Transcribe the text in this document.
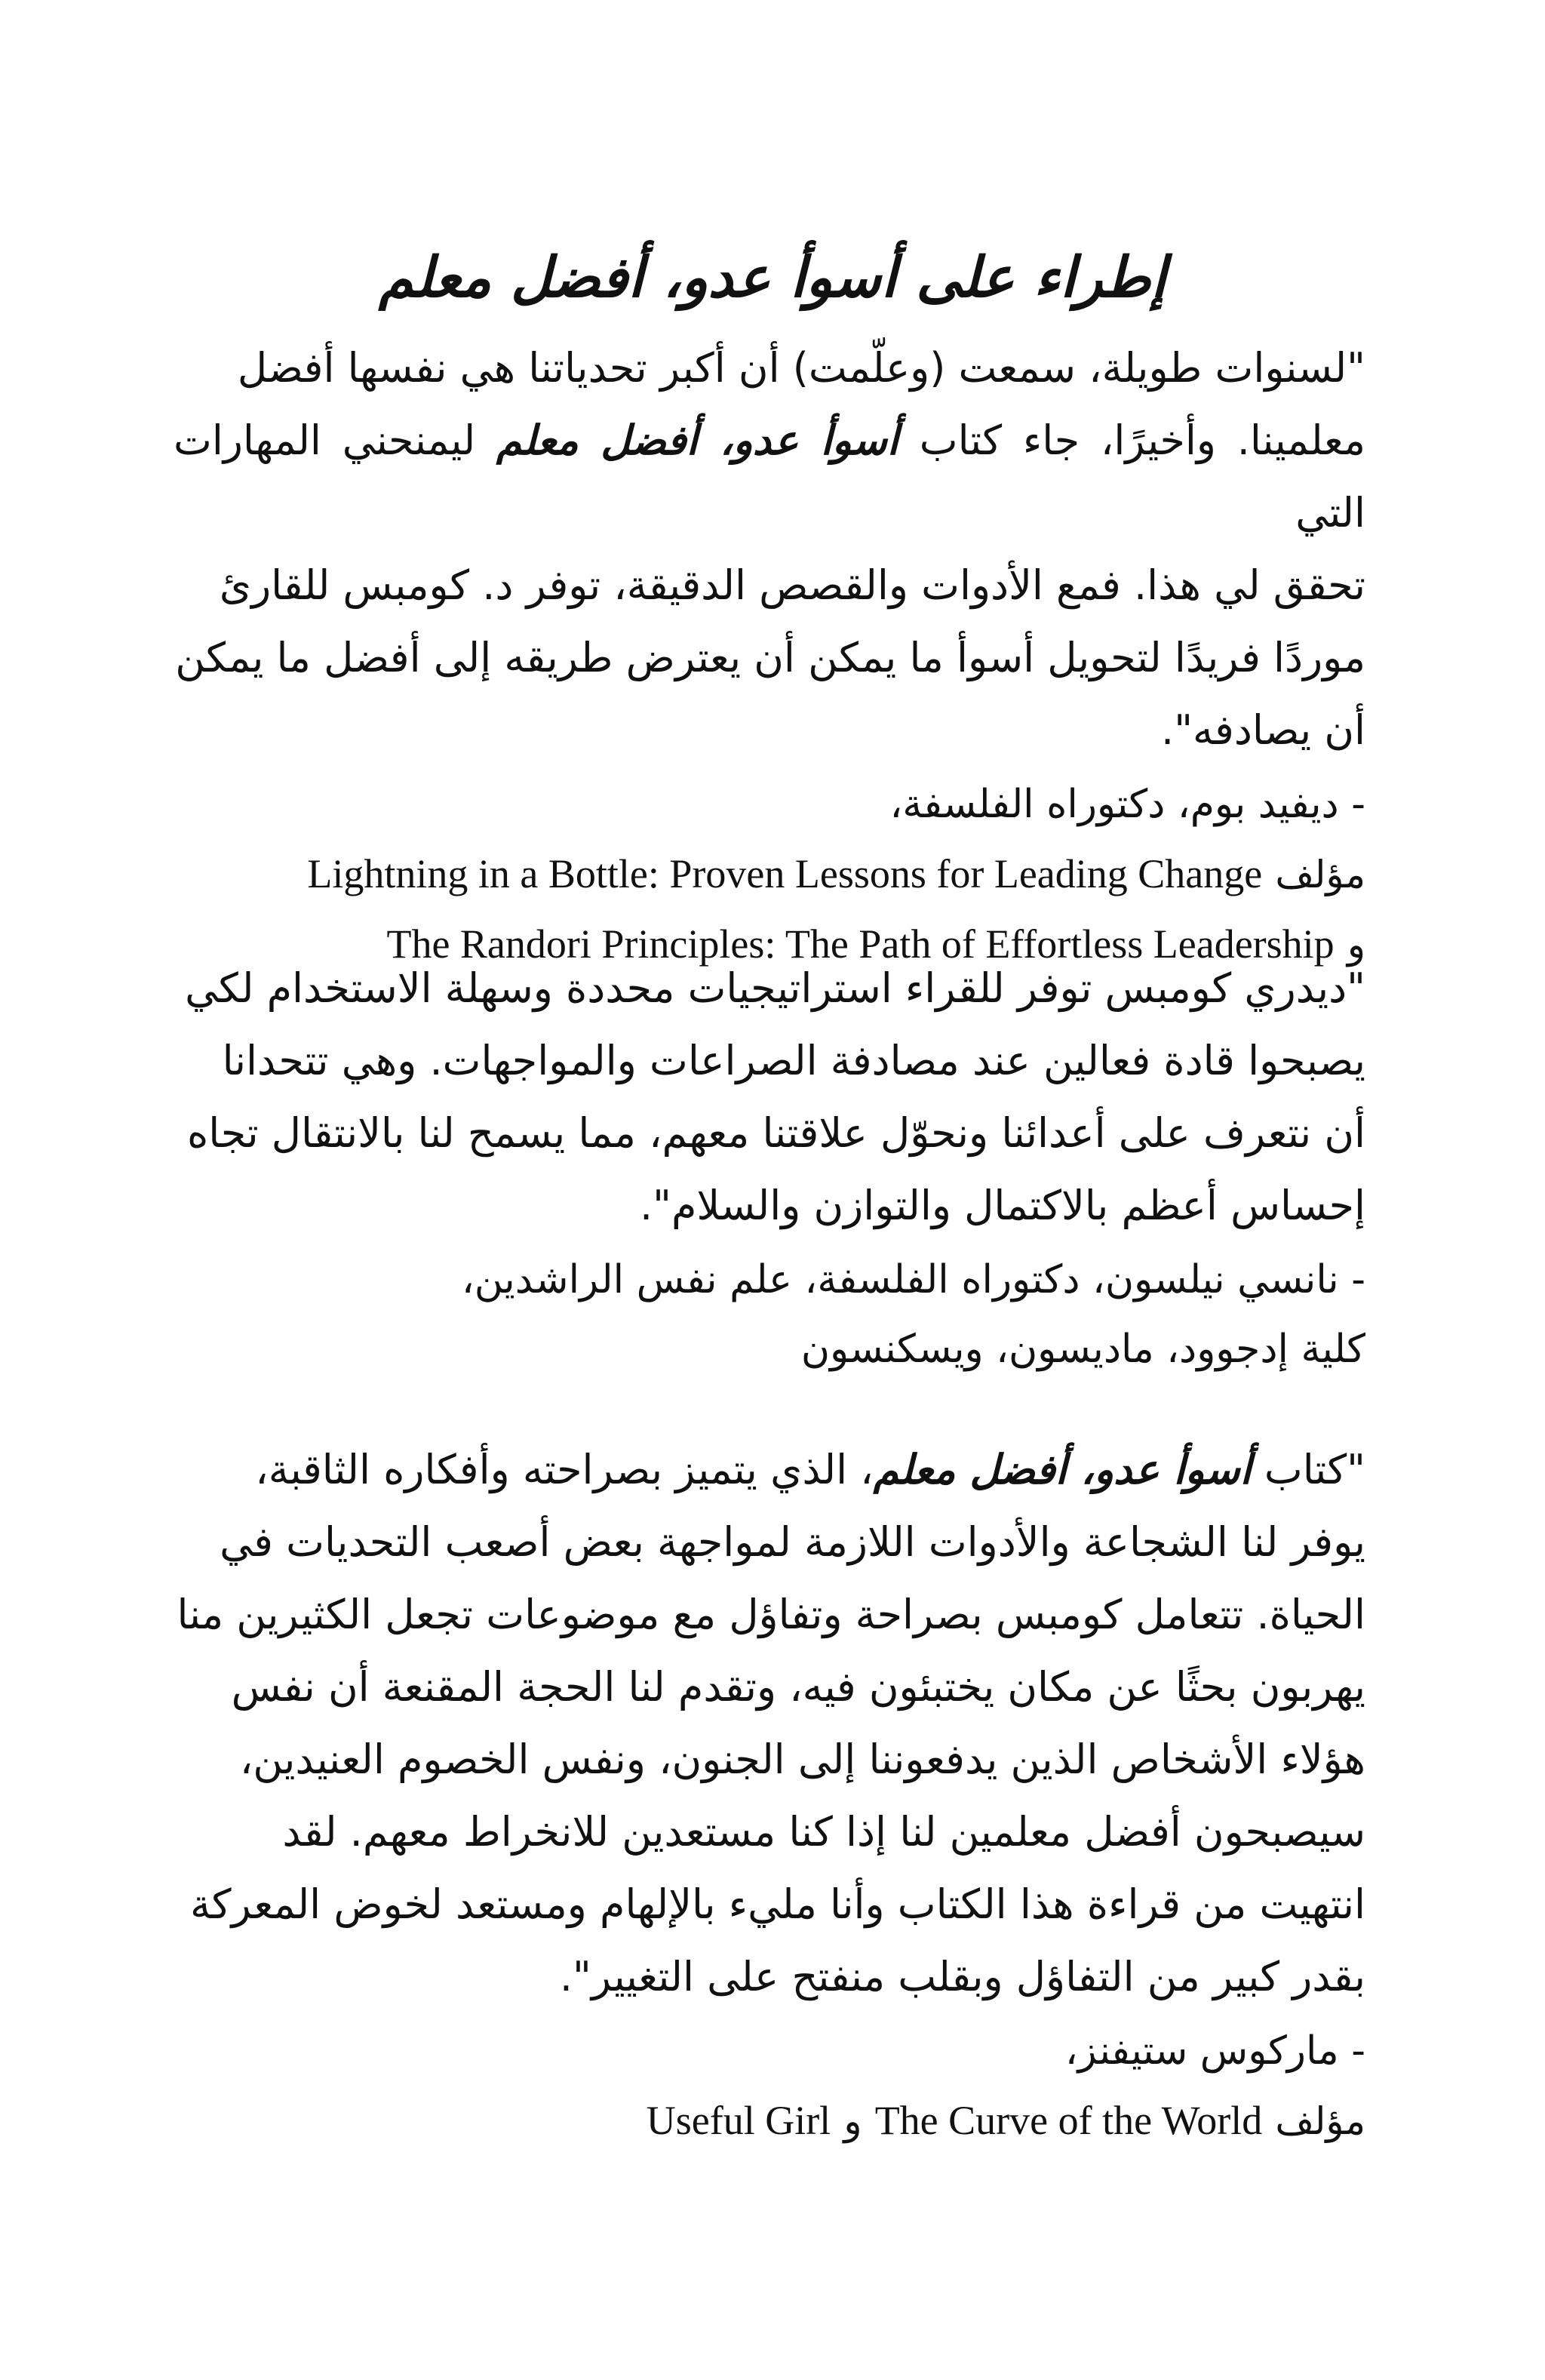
إطراء على أسوأ عدو، أفضل معلم

"لسنوات طويلة، سمعت (وعلّمت) أن أكبر تحدياتنا هي نفسها أفضل

معلمينا. وأخيرًا، جاء كتاب أسوأ عدو، أفضل معلم ليمنحني المهارات التي

تحقق لي هذا. فمع الأدوات والقصص الدقيقة، توفر د. كومبس للقارئ

موردًا فريدًا لتحويل أسوأ ما يمكن أن يعترض طريقه إلى أفضل ما يمكن

أن يصادفه".

- ديفيد بوم، دكتوراه الفلسفة،

مؤلف Lightning in a Bottle: Proven Lessons for Leading Change

و The Randori Principles: The Path of Effortless Leadership

"ديدري كومبس توفر للقراء استراتيجيات محددة وسهلة الاستخدام لكي

يصبحوا قادة فعالين عند مصادفة الصراعات والمواجهات. وهي تتحدانا

أن نتعرف على أعدائنا ونحوّل علاقتنا معهم، مما يسمح لنا بالانتقال تجاه

إحساس أعظم بالاكتمال والتوازن والسلام".

- نانسي نيلسون، دكتوراه الفلسفة، علم نفس الراشدين،

كلية إدجوود، ماديسون، ويسكنسون

"كتاب أسوأ عدو، أفضل معلم، الذي يتميز بصراحته وأفكاره الثاقبة،

يوفر لنا الشجاعة والأدوات اللازمة لمواجهة بعض أصعب التحديات في

الحياة. تتعامل كومبس بصراحة وتفاؤل مع موضوعات تجعل الكثيرين منا

يهربون بحثًا عن مكان يختبئون فيه، وتقدم لنا الحجة المقنعة أن نفس

هؤلاء الأشخاص الذين يدفعوننا إلى الجنون، ونفس الخصوم العنيدين،

سيصبحون أفضل معلمين لنا إذا كنا مستعدين للانخراط معهم. لقد

انتهيت من قراءة هذا الكتاب وأنا مليء بالإلهام ومستعد لخوض المعركة

بقدر كبير من التفاؤل وبقلب منفتح على التغيير".

- ماركوس ستيفنز،

مؤلف The Curve of the World و Useful Girl
